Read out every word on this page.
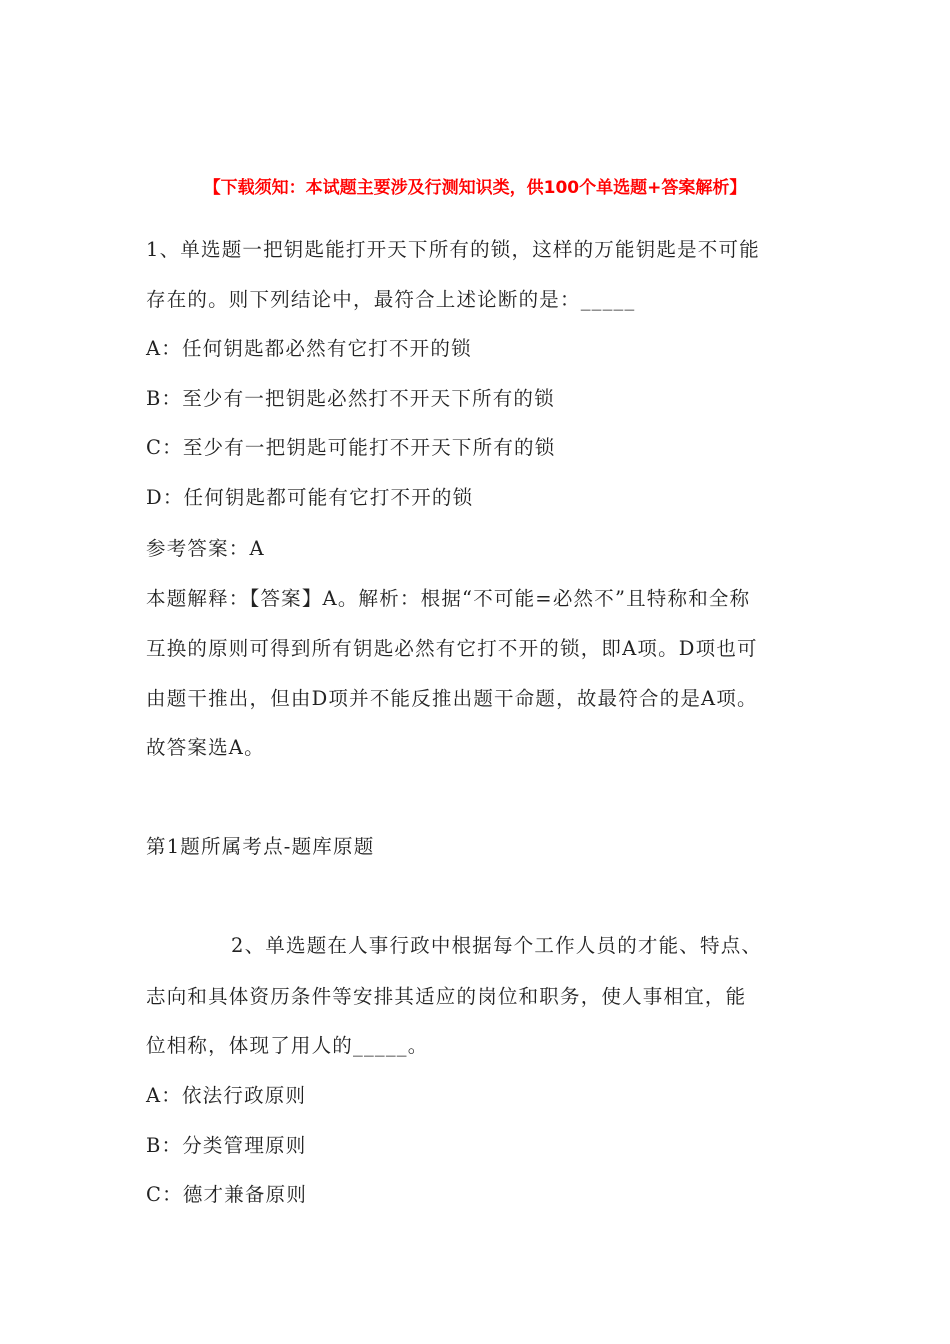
【下载须知：本试题主要涉及行测知识类，供100个单选题+答案解析】
1、单选题一把钥匙能打开天下所有的锁，这样的万能钥匙是不可能
存在的。则下列结论中，最符合上述论断的是：_____
A：任何钥匙都必然有它打不开的锁
B：至少有一把钥匙必然打不开天下所有的锁
C：至少有一把钥匙可能打不开天下所有的锁
D：任何钥匙都可能有它打不开的锁
参考答案：A
本题解释：【答案】A。解析：根据“不可能=必然不”且特称和全称
互换的原则可得到所有钥匙必然有它打不开的锁，即A项。D项也可
由题干推出，但由D项并不能反推出题干命题，故最符合的是A项。
故答案选A。
第1题所属考点-题库原题
2、单选题在人事行政中根据每个工作人员的才能、特点、
志向和具体资历条件等安排其适应的岗位和职务，使人事相宜，能
位相称，体现了用人的_____。
A：依法行政原则
B：分类管理原则
C：德才兼备原则
